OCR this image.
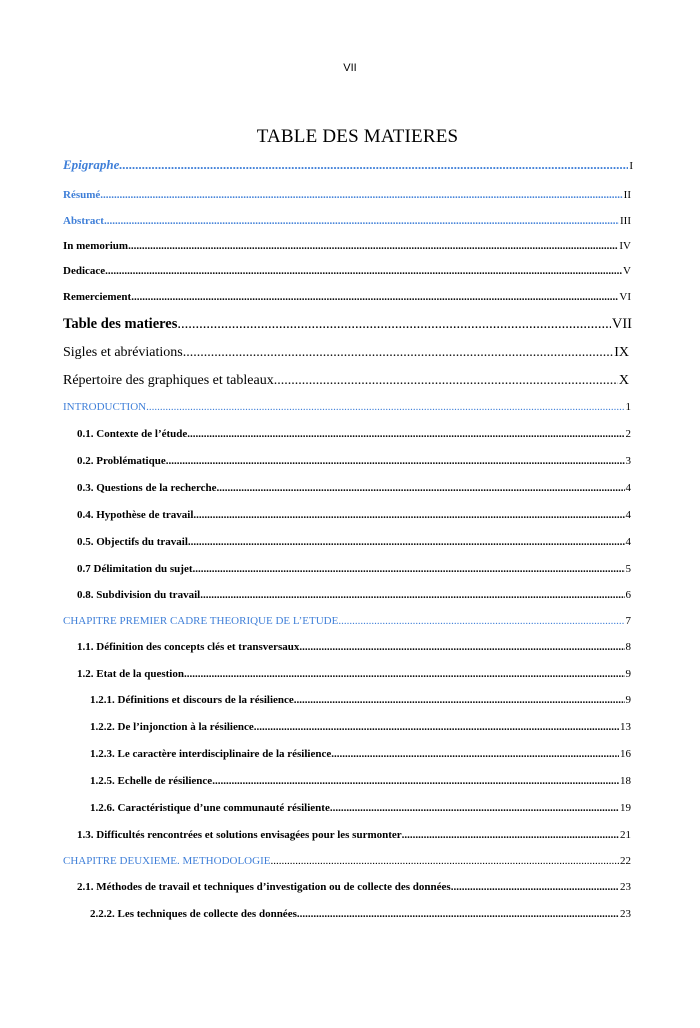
VII
TABLE DES MATIERES
Epigraphe .....	I
Résumé .....	II
Abstract .....	III
In memorium .....	IV
Dedicace .....	V
Remerciement .....	VI
Table des matieres .....	VII
Sigles et abréviations .....	IX
Répertoire des graphiques et tableaux .....	X
INTRODUCTION .....	1
0.1. Contexte de l’étude .....	2
0.2. Problématique .....	3
0.3. Questions de la recherche .....	4
0.4. Hypothèse de travail .....	4
0.5. Objectifs du travail .....	4
0.7 Délimitation du sujet .....	5
0.8. Subdivision du travail .....	6
CHAPITRE PREMIER CADRE THEORIQUE DE L’ETUDE .....	7
1.1. Définition des concepts clés et transversaux .....	8
1.2. Etat de la question .....	9
1.2.1. Définitions et discours de la résilience .....	9
1.2.2. De l’injonction à la résilience .....	13
1.2.3. Le caractère interdisciplinaire de la résilience .....	16
1.2.5. Echelle de résilience .....	18
1.2.6. Caractéristique d’une communauté résiliente .....	19
1.3. Difficultés rencontrées et solutions envisagées pour les surmonter .....	21
CHAPITRE DEUXIEME. METHODOLOGIE .....	22
2.1. Méthodes de travail et techniques d’investigation ou de collecte des données .....	23
2.2.2. Les techniques de collecte des données .....	23
